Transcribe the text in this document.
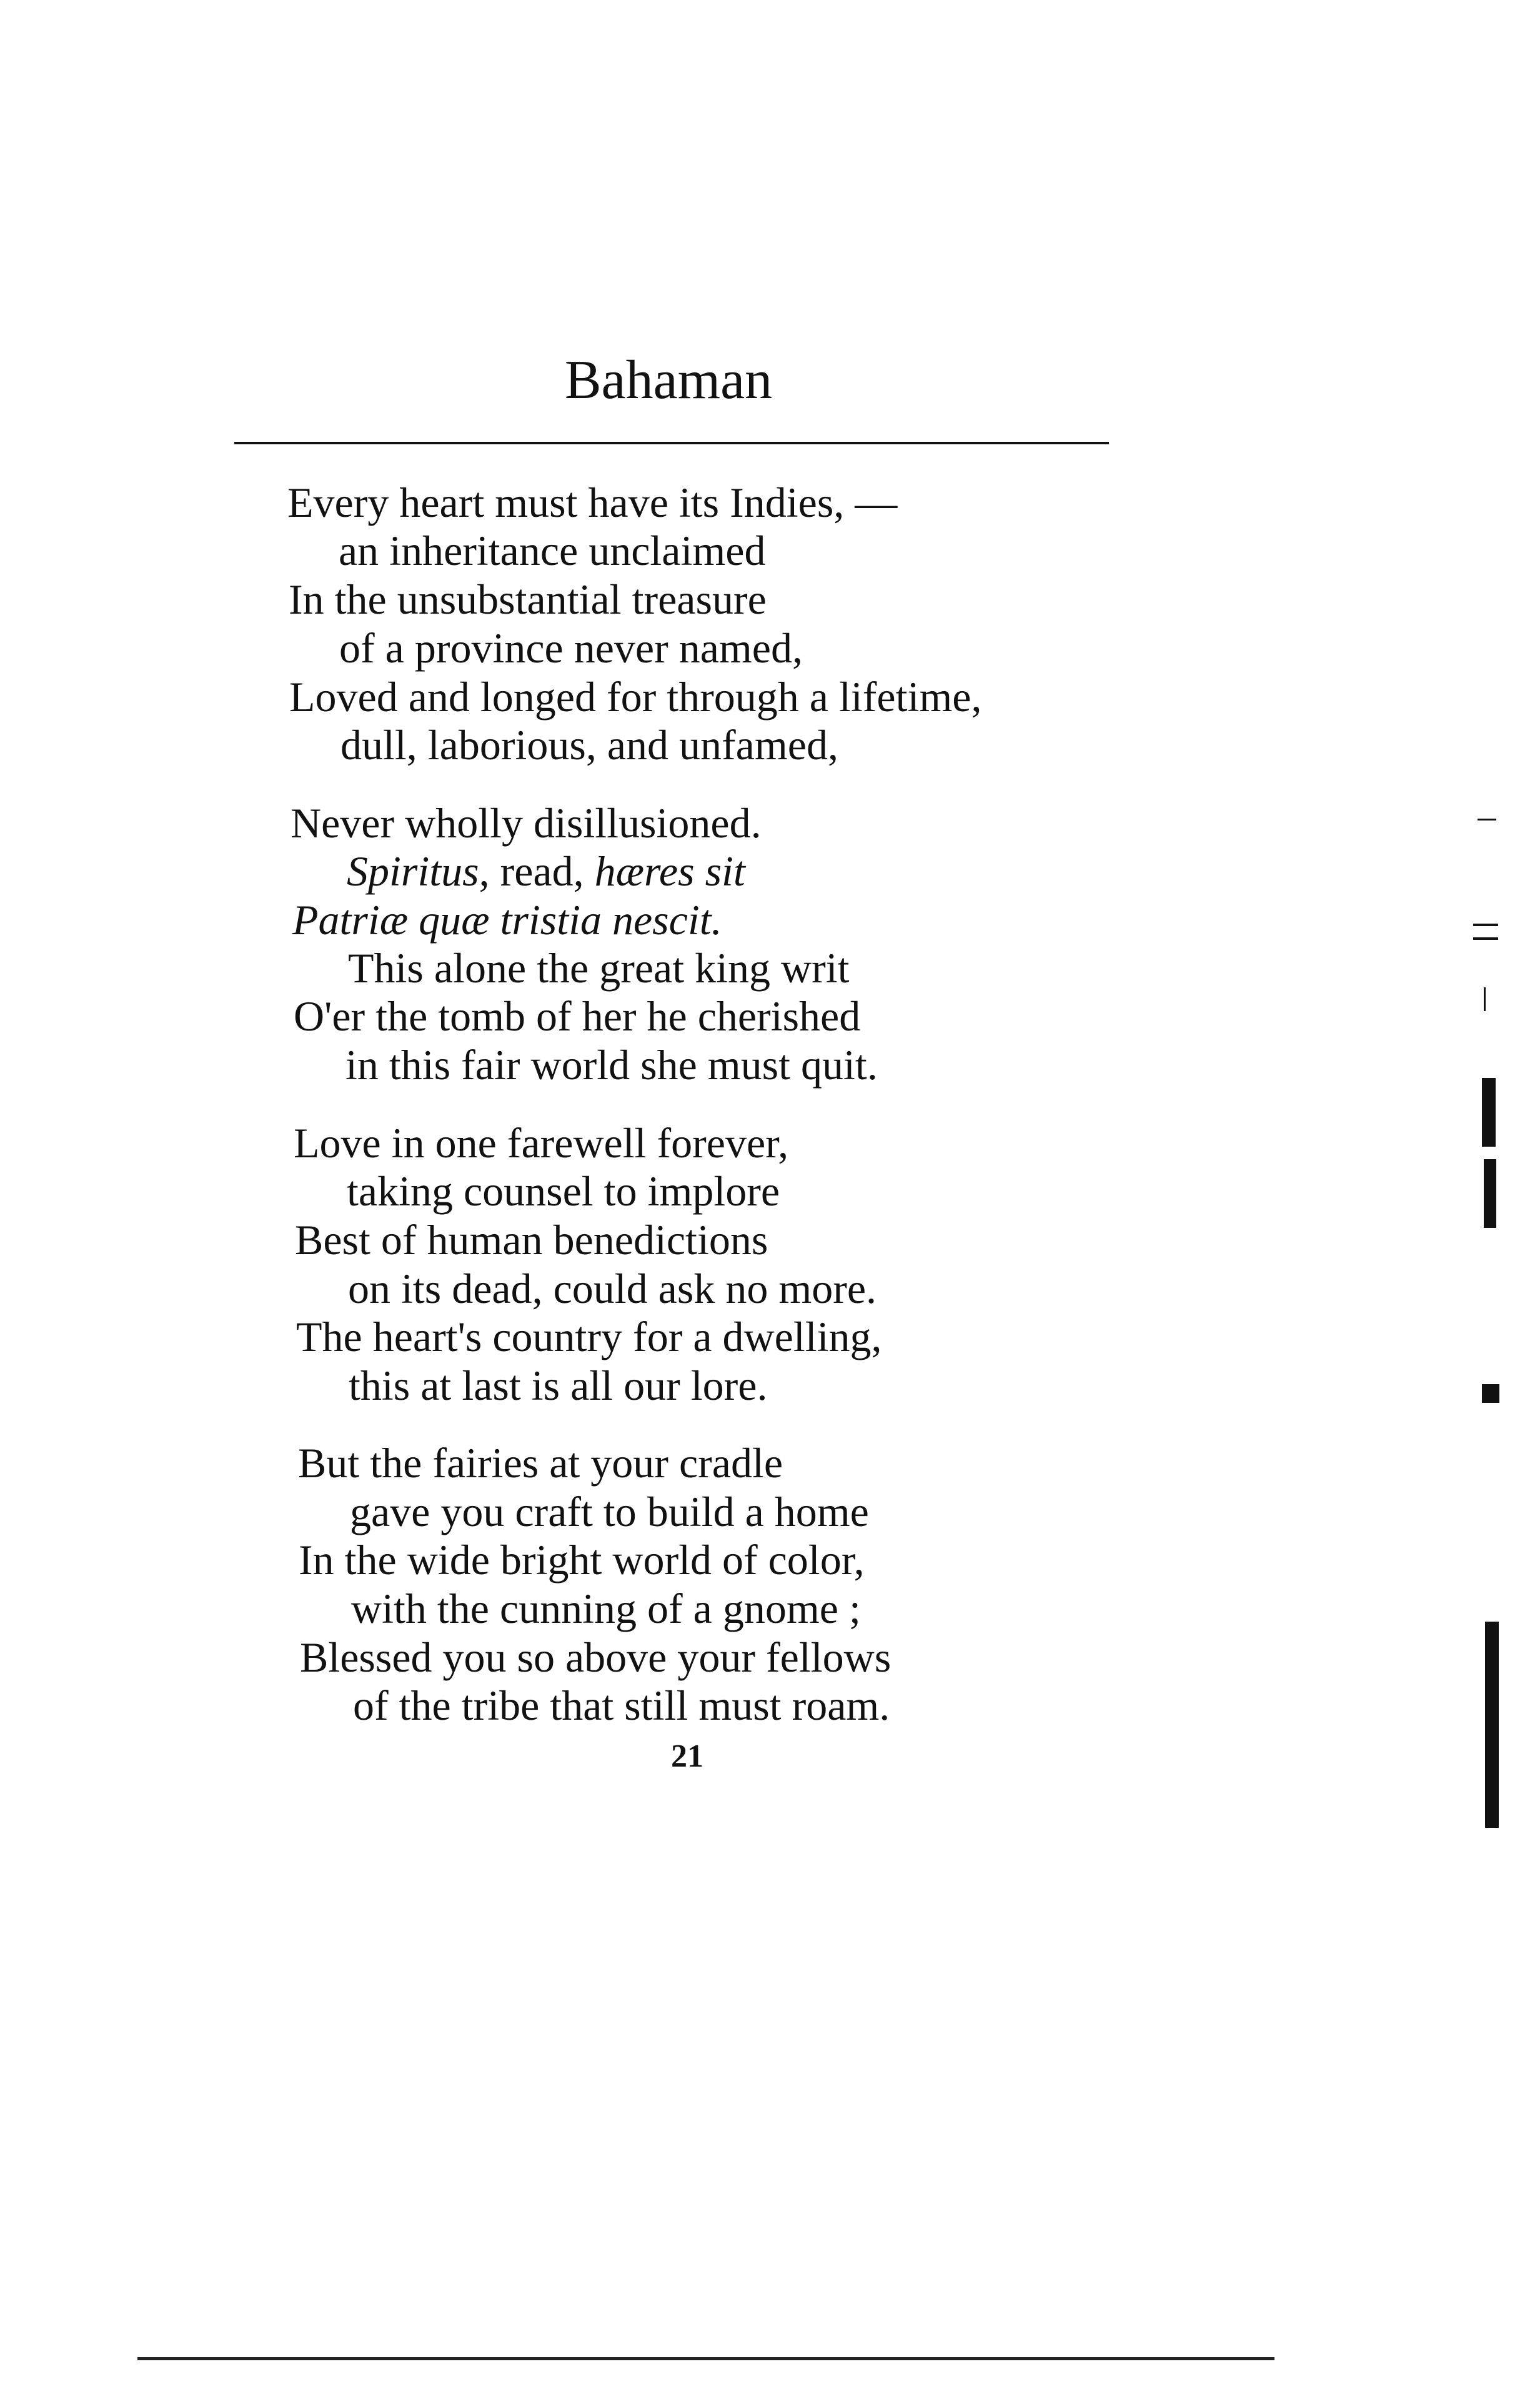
Bahaman
Every heart must have its Indies, —
an inheritance unclaimed
In the unsubstantial treasure
of a province never named,
Loved and longed for through a lifetime,
dull, laborious, and unfamed,
Never wholly disillusioned.
Spiritus, read, hæres sit
Patriæ quæ tristia nescit.
This alone the great king writ
O'er the tomb of her he cherished
in this fair world she must quit.
Love in one farewell forever,
taking counsel to implore
Best of human benedictions
on its dead, could ask no more.
The heart's country for a dwelling,
this at last is all our lore.
But the fairies at your cradle
gave you craft to build a home
In the wide bright world of color,
with the cunning of a gnome ;
Blessed you so above your fellows
of the tribe that still must roam.
21
